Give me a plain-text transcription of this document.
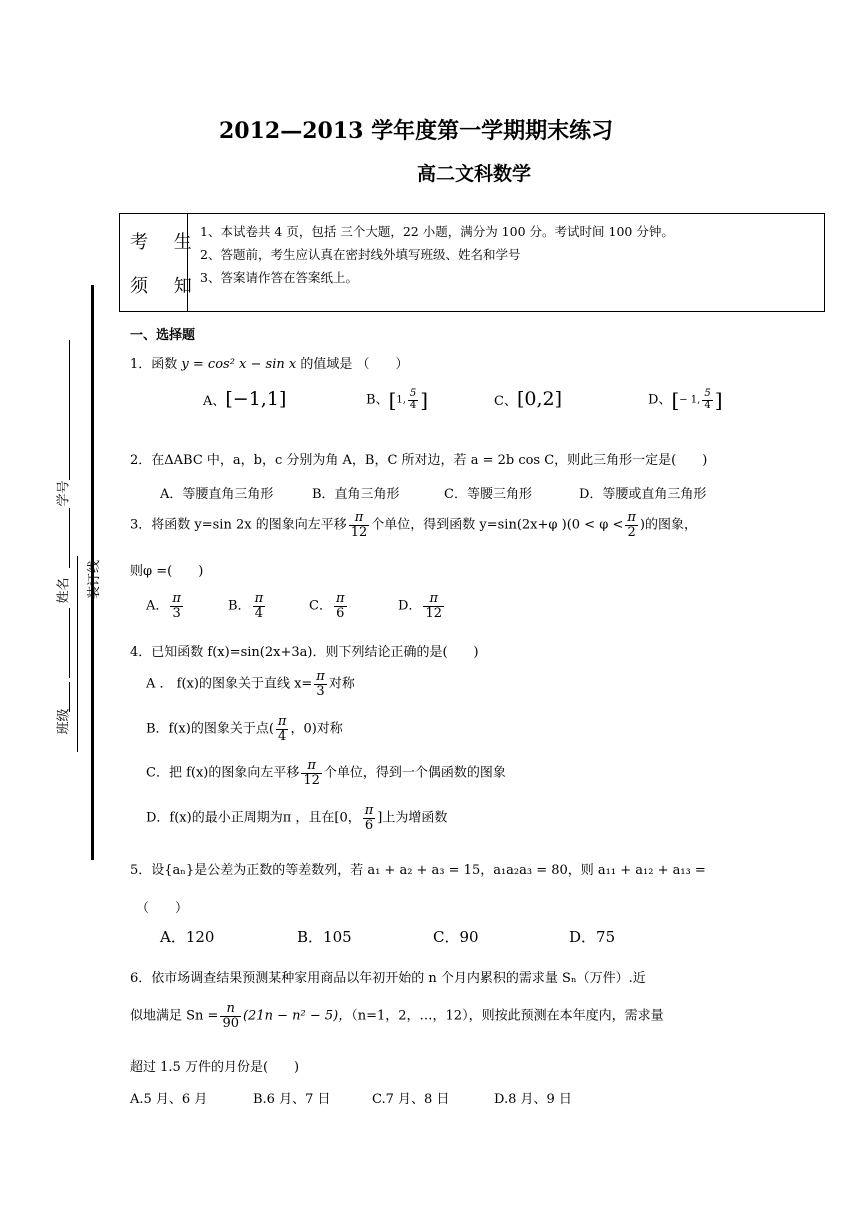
2012—2013 学年度第一学期期末练习
高二文科数学
考 生
须 知
1、本试卷共 4 页，包括 三个大题，22 小题，满分为 100 分。考试时间 100 分钟。
2、答题前，考生应认真在密封线外填写班级、姓名和学号
3、答案请作答在答案纸上。
学号
姓名	装订线
班级
一、选择题
1．函数 y = cos² x − sin x 的值域是 （　　）
A、[−1,1]	B、[1, $\frac{5}{4}$ ]	C、[0,2]	D、[− 1, $\frac{5}{4}$ ]
2．在ΔABC 中，a，b，c 分别为角 A，B，C 所对边，若 a = 2b cos C，则此三角形一定是(　　)
A．等腰直角三角形	B．直角三角形	C．等腰三角形	D．等腰或直角三角形
3．将函数 y=sin 2x 的图象向左平移 $\frac{\pi}{12}$ 个单位，得到函数 y=sin(2x+φ )($0 < \varphi < \frac{\pi}{2}$ )的图象，
则φ =(　　)
A． $\frac{\pi}{3}$	B． $\frac{\pi}{4}$	C． $\frac{\pi}{6}$	D． $\frac{\pi}{12}$
4．已知函数 f(x)=sin(2x+3a)．则下列结论正确的是(　　)
A ． f(x)的图象关于直线 $x= \frac{\pi}{3}$ 对称
B．f(x)的图象关于点( $\frac{\pi}{4}$ ，0)对称
C．把 f(x)的图象向左平移 $\frac{\pi}{12}$ 个单位，得到一个偶函数的图象
D．f(x)的最小正周期为π ，且在[0， $\frac{\pi}{6}$ ]上为增函数
5．设{aₙ}是公差为正数的等差数列，若 a₁ + a₂ + a₃ = 15，a₁a₂a₃ = 80，则 a₁₁ + a₁₂ + a₁₃ =
（　　）
A．120	B．105	C．90	D．75
6．依市场调查结果预测某种家用商品以年初开始的 n 个月内累积的需求量 Sₙ（万件）.近
似地满足 $Sn = \frac{n}{90} (21n - n^2 - 5)$，（n=1，2，…，12），则按此预测在本年度内，需求量
超过 1.5 万件的月份是(　　)
A.5 月、6 月	B.6 月、7 日	C.7 月、8 日	D.8 月、9 日
